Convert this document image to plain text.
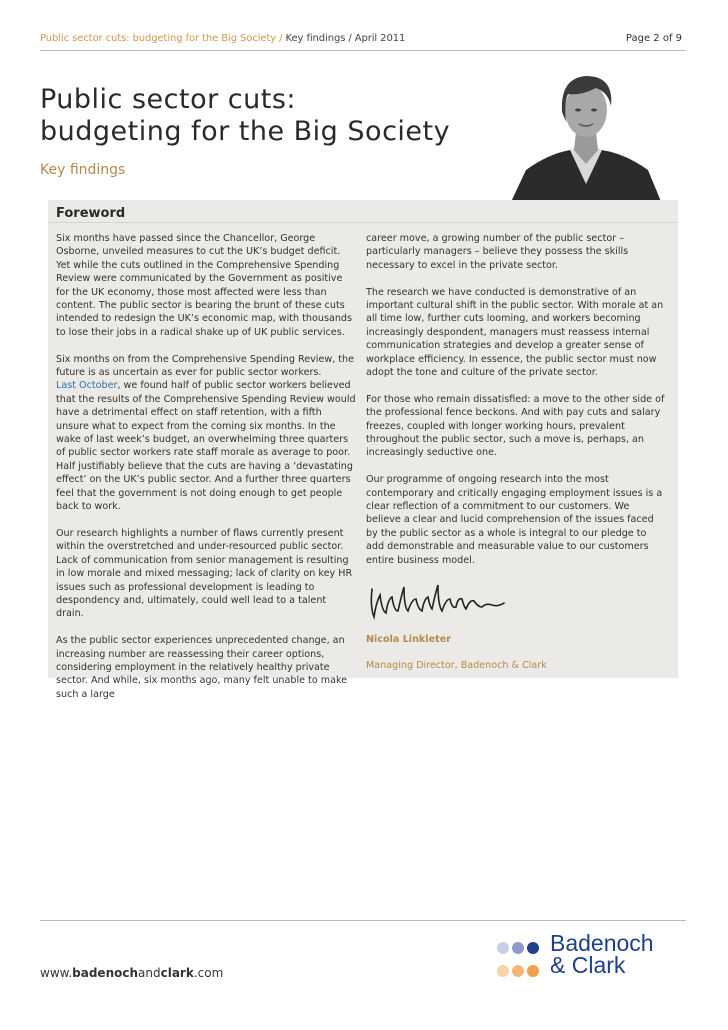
Public sector cuts: budgeting for the Big Society / Key findings / April 2011	Page 2 of 9
Public sector cuts:
budgeting for the Big Society
Key findings
Foreword

Six months have passed since the Chancellor, George Osborne, unveiled measures to cut the UK’s budget deficit. Yet while the cuts outlined in the Comprehensive Spending Review were communicated by the Government as positive for the UK economy, those most affected were less than content. The public sector is bearing the brunt of these cuts intended to redesign the UK’s economic map, with thousands to lose their jobs in a radical shake up of UK public services.

Six months on from the Comprehensive Spending Review, the future is as uncertain as ever for public sector workers.
Last October, we found half of public sector workers believed that the results of the Comprehensive Spending Review would have a detrimental effect on staff retention, with a fifth unsure what to expect from the coming six months. In the wake of last week’s budget, an overwhelming three quarters of public sector workers rate staff morale as average to poor. Half justifiably believe that the cuts are having a ‘devastating effect’ on the UK’s public sector. And a further three quarters feel that the government is not doing enough to get people back to work.

Our research highlights a number of flaws currently present within the overstretched and under-resourced public sector. Lack of communication from senior management is resulting in low morale and mixed messaging; lack of clarity on key HR issues such as professional development is leading to despondency and, ultimately, could well lead to a talent drain.

As the public sector experiences unprecedented change, an increasing number are reassessing their career options, considering employment in the relatively healthy private sector. And while, six months ago, many felt unable to make such a large

career move, a growing number of the public sector – particularly managers – believe they possess the skills necessary to excel in the private sector.

The research we have conducted is demonstrative of an important cultural shift in the public sector. With morale at an all time low, further cuts looming, and workers becoming increasingly despondent, managers must reassess internal communication strategies and develop a greater sense of workplace efficiency. In essence, the public sector must now adopt the tone and culture of the private sector.

For those who remain dissatisfied: a move to the other side of the professional fence beckons. And with pay cuts and salary freezes, coupled with longer working hours, prevalent throughout the public sector, such a move is, perhaps, an increasingly seductive one.

Our programme of ongoing research into the most contemporary and critically engaging employment issues is a clear reflection of a commitment to our customers. We believe a clear and lucid comprehension of the issues faced by the public sector as a whole is integral to our pledge to add demonstrable and measurable value to our customers entire business model.

Nicola Linkleter

Managing Director, Badenoch & Clark

www.badenochandclark.com
Badenoch
& Clark
